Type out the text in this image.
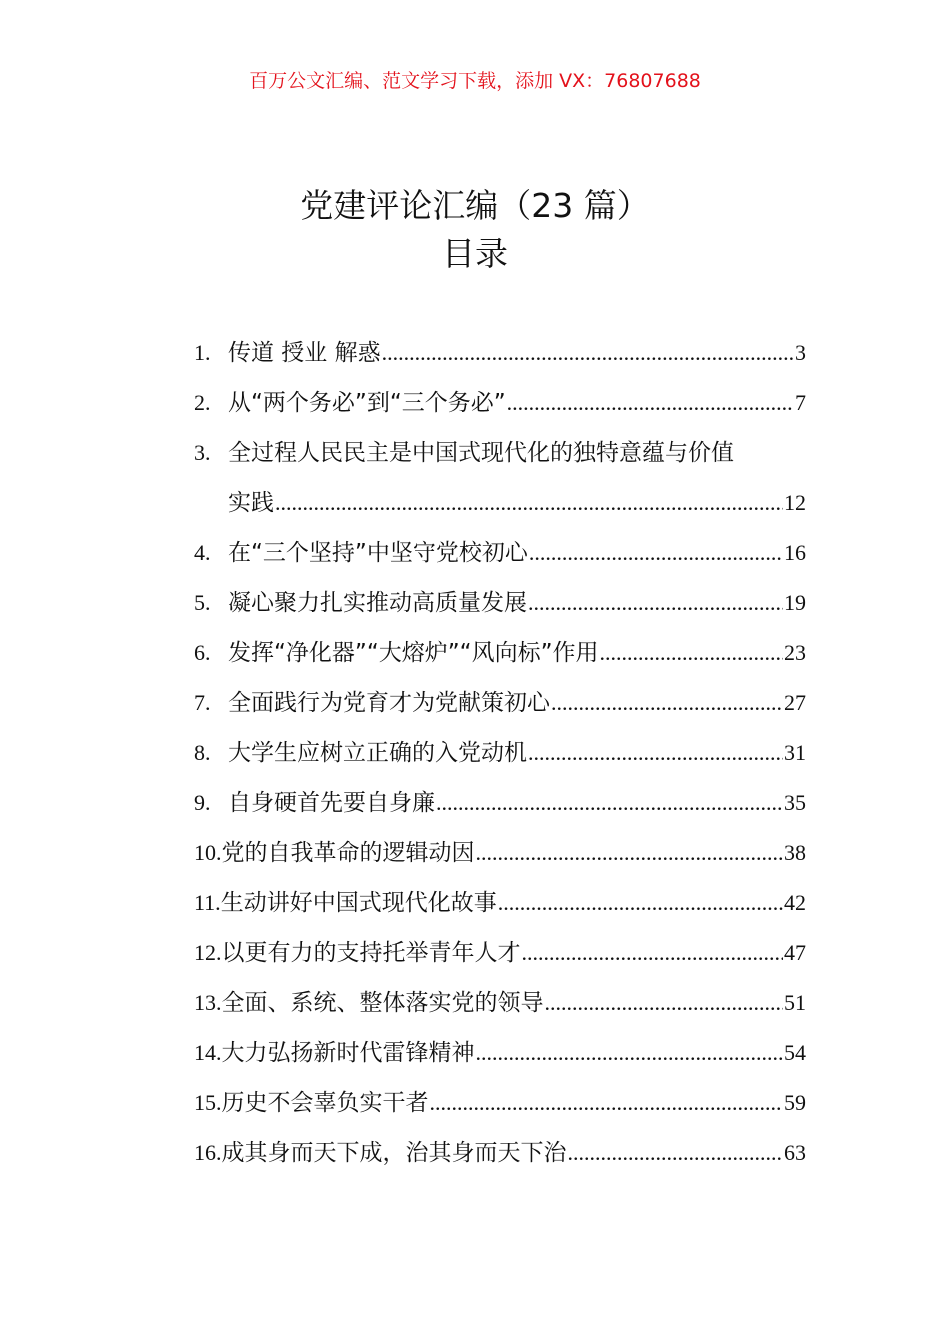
百万公文汇编、范文学习下载，添加 VX：76807688
党建评论汇编（23 篇）
目录
1. 传道 授业 解惑 .....	3
2. 从“两个务必”到“三个务必” .....	7
3. 全过程人民民主是中国式现代化的独特意蕴与价值
实践 .....	12
4. 在“三个坚持”中坚守党校初心 .....	16
5. 凝心聚力扎实推动高质量发展 .....	19
6. 发挥“净化器”“大熔炉”“风向标”作用 .....	23
7. 全面践行为党育才为党献策初心 .....	27
8. 大学生应树立正确的入党动机 .....	31
9. 自身硬首先要自身廉 .....	35
10. 党的自我革命的逻辑动因 .....	38
11. 生动讲好中国式现代化故事 .....	42
12. 以更有力的支持托举青年人才 .....	47
13. 全面、系统、整体落实党的领导 .....	51
14. 大力弘扬新时代雷锋精神 .....	54
15. 历史不会辜负实干者 .....	59
16. 成其身而天下成，治其身而天下治 .....	63
